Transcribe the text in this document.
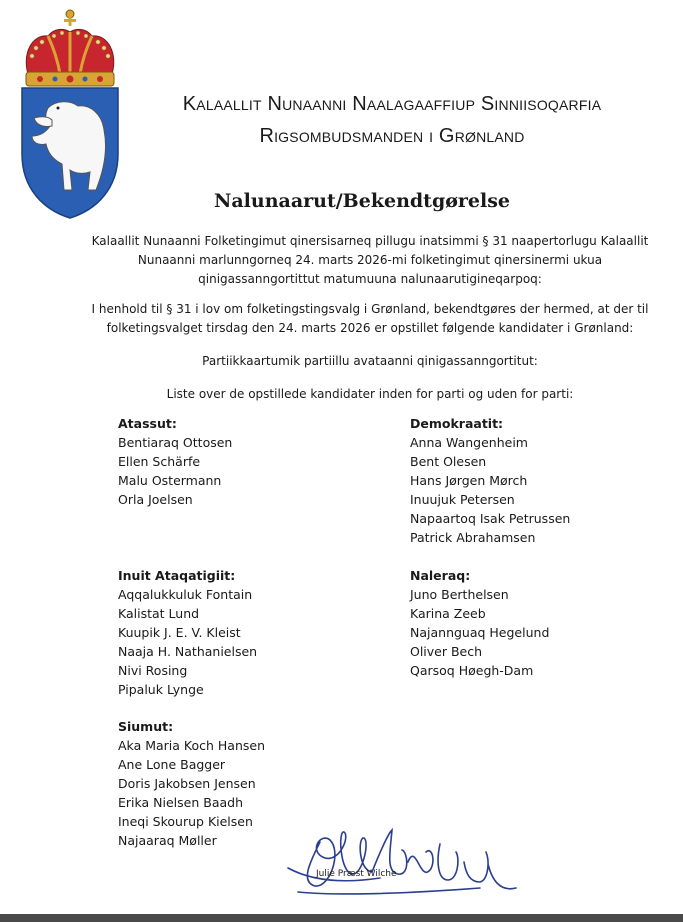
Kalaallit Nunaanni Naalagaaffiup Sinniisoqarfia
Rigsombudsmanden i Grønland
Nalunaarut/Bekendtgørelse
Kalaallit Nunaanni Folketingimut qinersisarneq pillugu inatsimmi § 31 naapertorlugu Kalaallit Nunaanni marlunngorneq 24. marts 2026-mi folketingimut qinersinermi ukua qinigassanngortittut matumuuna nalunaarutigineqarpoq:
I henhold til § 31 i lov om folketingstingsvalg i Grønland, bekendtgøres der hermed, at der til folketingsvalget tirsdag den 24. marts 2026 er opstillet følgende kandidater i Grønland:
Partiikkaartumik partiillu avataanni qinigassanngortitut:
Liste over de opstillede kandidater inden for parti og uden for parti:
Atassut:
Bentiaraq Ottosen
Ellen Schärfe
Malu Ostermann
Orla Joelsen
Demokraatit:
Anna Wangenheim
Bent Olesen
Hans Jørgen Mørch
Inuujuk Petersen
Napaartoq Isak Petrussen
Patrick Abrahamsen
Inuit Ataqatigiit:
Aqqalukkuluk Fontain
Kalistat Lund
Kuupik J. E. V. Kleist
Naaja H. Nathanielsen
Nivi Rosing
Pipaluk Lynge
Naleraq:
Juno Berthelsen
Karina Zeeb
Najannguaq Hegelund
Oliver Bech
Qarsoq Høegh-Dam
Siumut:
Aka Maria Koch Hansen
Ane Lone Bagger
Doris Jakobsen Jensen
Erika Nielsen Baadh
Ineqi Skourup Kielsen
Najaaraq Møller
Julie Præst Wilche
